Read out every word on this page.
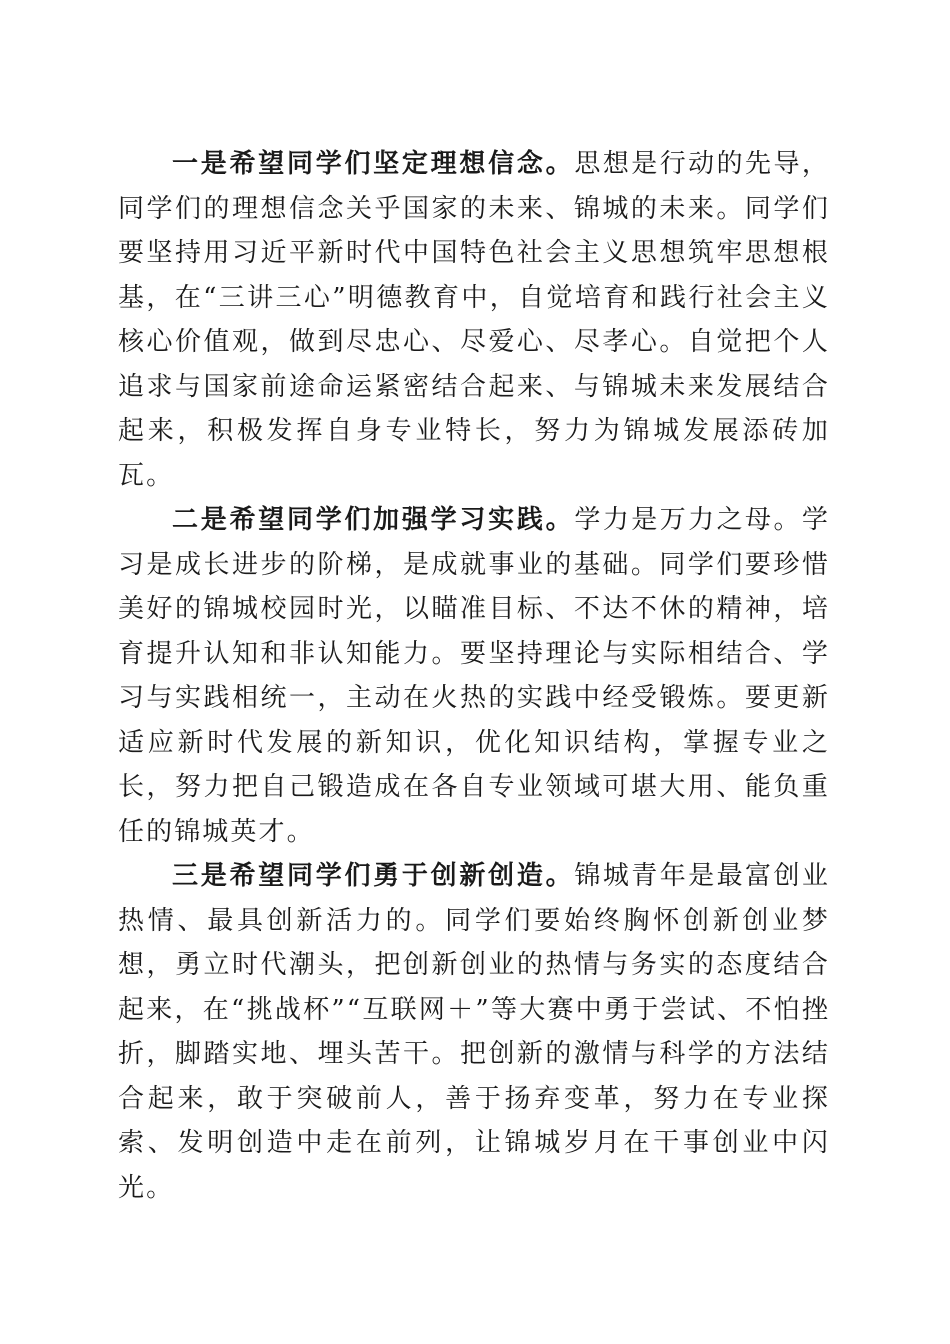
一是希望同学们坚定理想信念。思想是行动的先导，同学们的理想信念关乎国家的未来、锦城的未来。同学们要坚持用习近平新时代中国特色社会主义思想筑牢思想根基，在“三讲三心”明德教育中，自觉培育和践行社会主义核心价值观，做到尽忠心、尽爱心、尽孝心。自觉把个人追求与国家前途命运紧密结合起来、与锦城未来发展结合起来，积极发挥自身专业特长，努力为锦城发展添砖加瓦。

二是希望同学们加强学习实践。学力是万力之母。学习是成长进步的阶梯，是成就事业的基础。同学们要珍惜美好的锦城校园时光，以瞄准目标、不达不休的精神，培育提升认知和非认知能力。要坚持理论与实际相结合、学习与实践相统一，主动在火热的实践中经受锻炼。要更新适应新时代发展的新知识，优化知识结构，掌握专业之长，努力把自己锻造成在各自专业领域可堪大用、能负重任的锦城英才。

三是希望同学们勇于创新创造。锦城青年是最富创业热情、最具创新活力的。同学们要始终胸怀创新创业梦想，勇立时代潮头，把创新创业的热情与务实的态度结合起来，在“挑战杯”“互联网＋”等大赛中勇于尝试、不怕挫折，脚踏实地、埋头苦干。把创新的激情与科学的方法结合起来，敢于突破前人，善于扬弃变革，努力在专业探索、发明创造中走在前列，让锦城岁月在干事创业中闪光。
